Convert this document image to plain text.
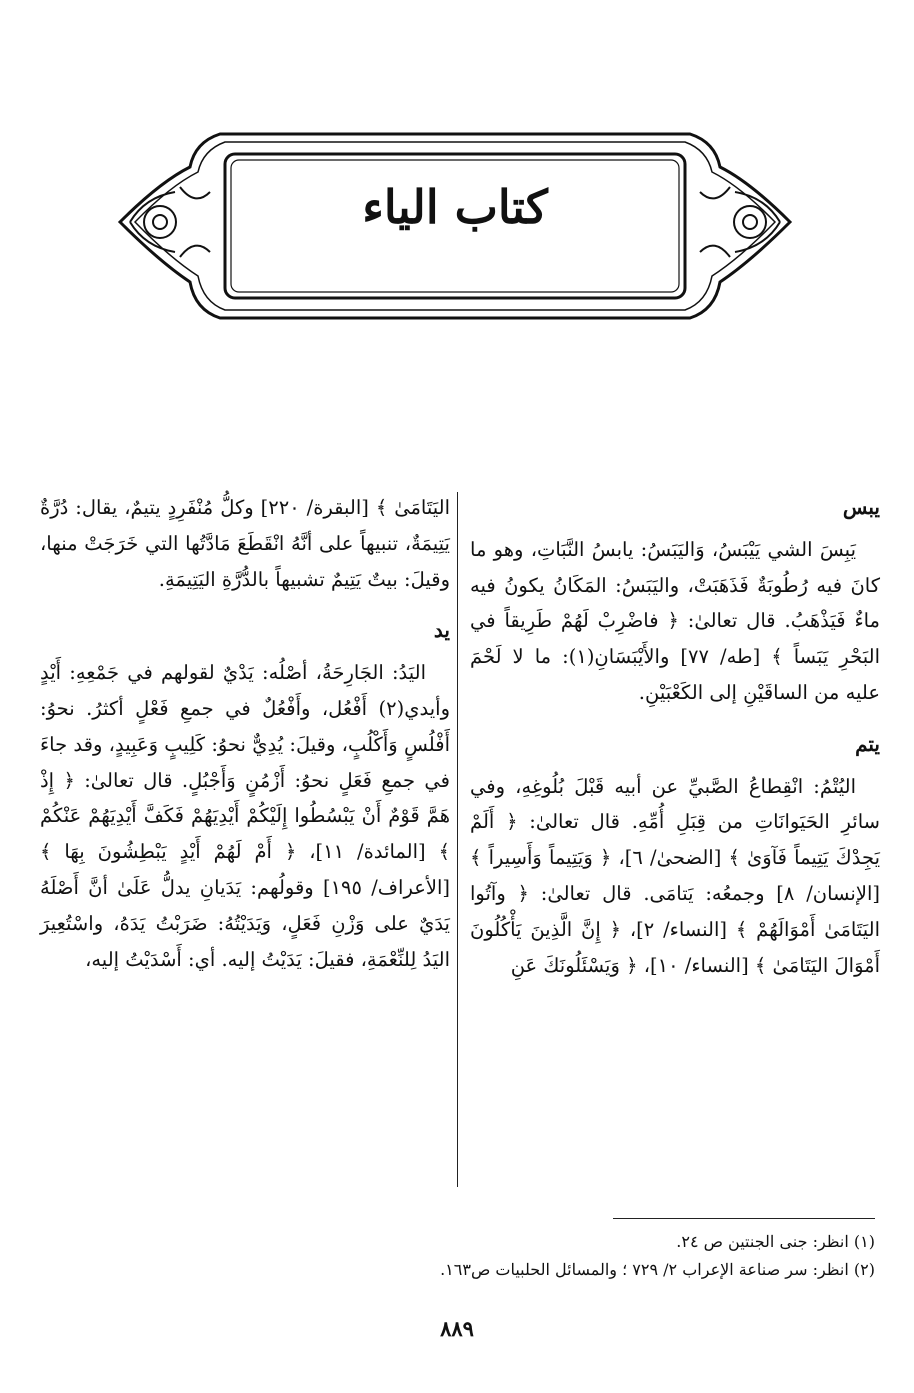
كتاب الياء
يبس

يَبِسَ الشي يَيْبَسُ، وَاليَبَسُ: يابسُ النَّبَاتِ، وهو ما كانَ فيه رُطُوبَةٌ فَذَهَبَتْ، واليَبَسُ: المَكَانُ يكونُ فيه ماءٌ فَيَذْهَبُ. قال تعالىٰ: ﴿ فاضْرِبْ لَهُمْ طَرِيقاً في البَحْرِ يَبَساً ﴾ [طه/ ٧٧] والأَيْبَسَانِ(١): ما لا لَحْمَ عليه من الساقَيْنِ إلى الكَعْبَيْنِ.

يتم

اليُتْمُ: انْقِطاعُ الصَّبيِّ عن أبيه قَبْلَ بُلُوغِهِ، وفي سائرِ الحَيَوانَاتِ من قِبَلِ أُمِّهِ. قال تعالىٰ: ﴿ أَلَمْ يَجِدْكَ يَتِيماً فَآوَىٰ ﴾ [الضحىٰ/ ٦]، ﴿ وَيَتِيماً وَأَسِيراً ﴾ [الإنسان/ ٨] وجمعُه: يَتامَى. قال تعالىٰ: ﴿ وآتُوا اليَتَامَىٰ أَمْوَالَهُمْ ﴾ [النساء/ ٢]، ﴿ إِنَّ الَّذِينَ يَأْكُلُونَ أَمْوَالَ اليَتَامَىٰ ﴾ [النساء/ ١٠]، ﴿ وَيَسْئَلُونَكَ عَنِ

اليَتَامَىٰ ﴾ [البقرة/ ٢٢٠] وكلُّ مُنْفَرِدٍ يتيمٌ، يقال: دُرَّةٌ يَتِيمَةٌ، تنبيهاً على أنَّهُ انْقَطَعَ مَادَّتُها التي خَرَجَتْ منها، وقيلَ: بيتٌ يَتِيمٌ تشبيهاً بالدُّرَّةِ اليَتِيمَةِ.

يد

اليَدُ: الجَارِحَةُ، أصْلُه: يَدْيٌ لقولهم في جَمْعِهِ: أَيْدٍ وأيدي(٢) أَفْعُل، وأَفْعُلٌ في جمعِ فَعْلٍ أكثرُ. نحوُ: أَفْلُسٍ وَأَكْلُبٍ، وقيلَ: يُدِيٌّ نحوُ: كَلِيبٍ وَعَبِيدٍ، وقد جاءَ في جمعِ فَعَلٍ نحوُ: أَزْمُنٍ وَأَجْبُلٍ. قال تعالىٰ: ﴿ إِذْ هَمَّ قَوْمٌ أَنْ يَبْسُطُوا إِلَيْكُمْ أَيْدِيَهُمْ فَكَفَّ أَيْدِيَهُمْ عَنْكُمْ ﴾ [المائدة/ ١١]، ﴿ أَمْ لَهُمْ أَيْدٍ يَبْطِشُونَ بِهَا ﴾ [الأعراف/ ١٩٥] وقولُهم: يَدَيانِ يدلُّ عَلَىٰ أنَّ أَصْلَهُ يَدَيٌ على وَزْنِ فَعَلٍ، وَيَدَيْتُهُ: ضَرَبْتُ يَدَهُ، واسْتُعِيرَ اليَدُ لِلنِّعْمَةِ، فقيلَ: يَدَيْتُ إليه. أي: أَسْدَيْتُ إليه،

(١) انظر: جنى الجنتين ص ٢٤.
(٢) انظر: سر صناعة الإعراب ٢/ ٧٢٩ ؛ والمسائل الحلبيات ص١٦٣.
٨٨٩
